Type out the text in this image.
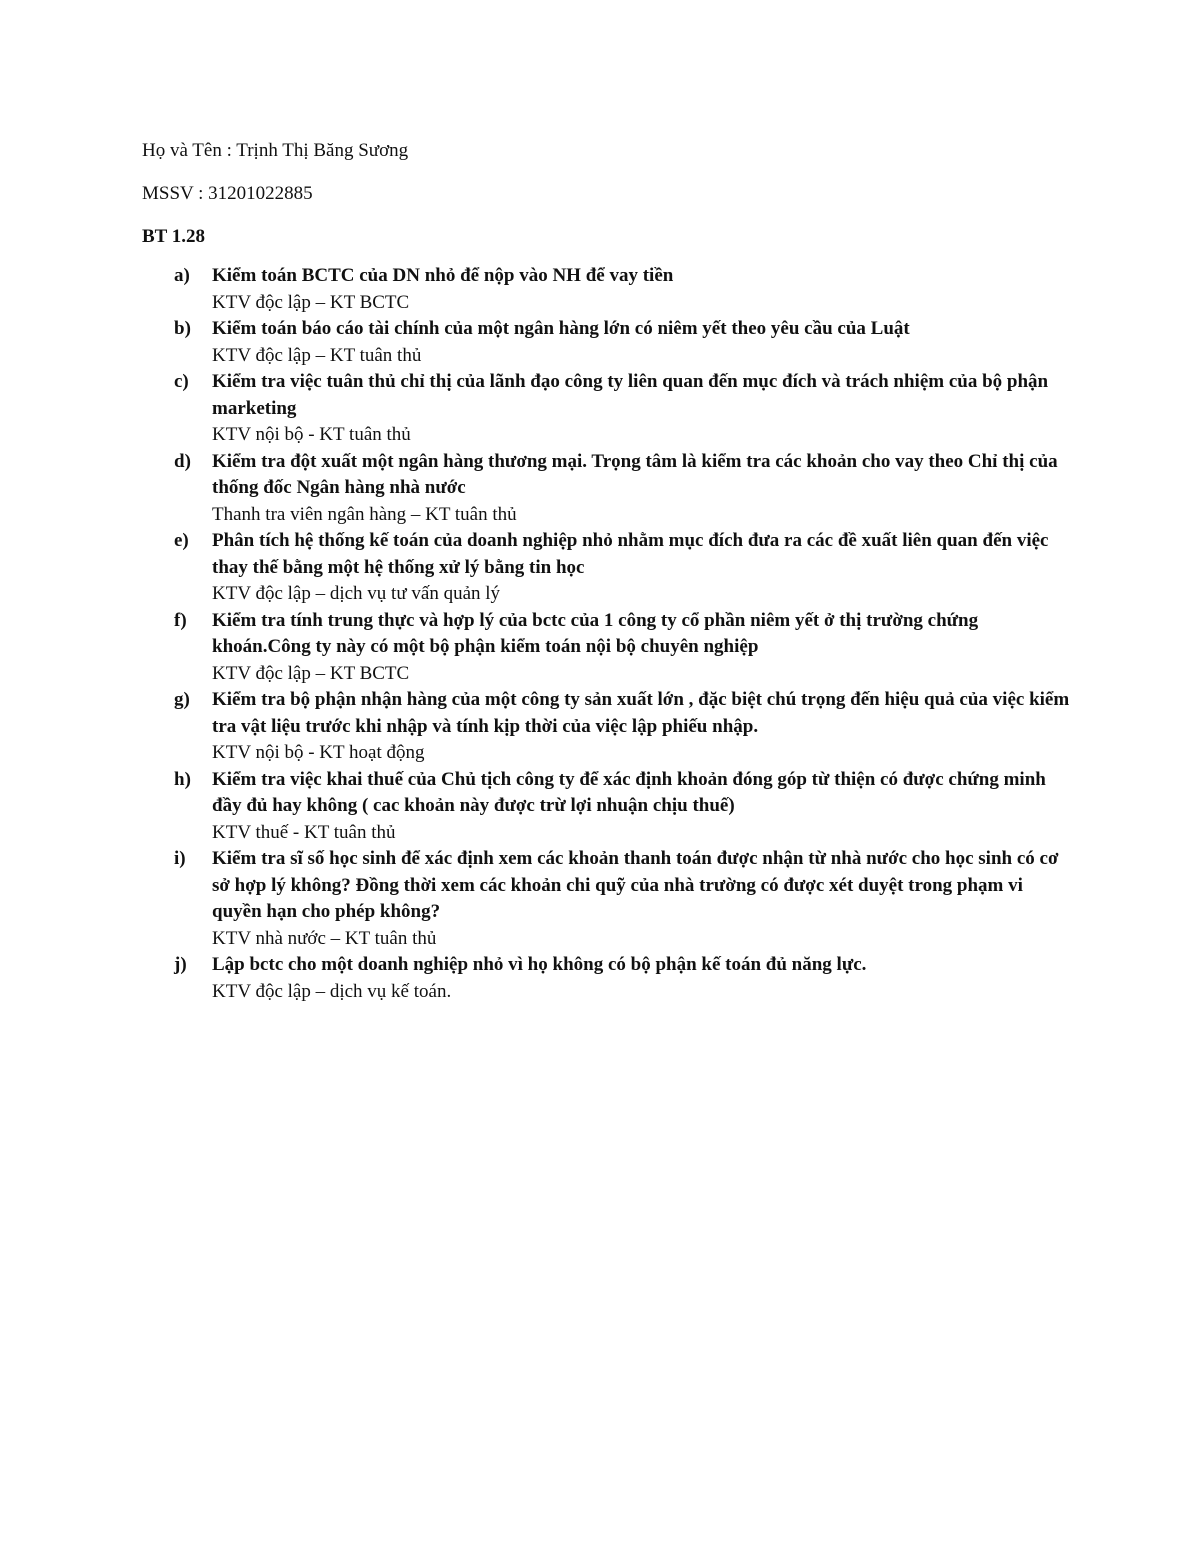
Họ và Tên : Trịnh Thị Băng Sương

MSSV : 31201022885

BT 1.28

a) Kiểm toán BCTC của DN nhỏ để nộp vào NH để vay tiền

KTV độc lập – KT BCTC

b) Kiểm toán báo cáo tài chính của một ngân hàng lớn có niêm yết theo yêu cầu của Luật

KTV độc lập – KT tuân thủ

c) Kiểm tra việc tuân thủ chỉ thị của lãnh đạo công ty liên quan đến mục đích và trách nhiệm của bộ phận marketing

KTV nội bộ - KT tuân thủ

d) Kiểm tra đột xuất một ngân hàng thương mại. Trọng tâm là kiểm tra các khoản cho vay theo Chỉ thị của thống đốc Ngân hàng nhà nước

Thanh tra viên ngân hàng – KT tuân thủ

e) Phân tích hệ thống kế toán của doanh nghiệp nhỏ nhằm mục đích đưa ra các đề xuất liên quan đến việc thay thế bằng một hệ thống xử lý bằng tin học

KTV độc lập – dịch vụ tư vấn quản lý

f) Kiểm tra tính trung thực và hợp lý của bctc của 1 công ty cổ phần niêm yết ở thị trường chứng khoán.Công ty này có một bộ phận kiểm toán nội bộ chuyên nghiệp

KTV độc lập – KT BCTC

g) Kiểm tra bộ phận nhận hàng của một công ty sản xuất lớn , đặc biệt chú trọng đến hiệu quả của việc kiểm tra vật liệu trước khi nhập và tính kịp thời của việc lập phiếu nhập.

KTV nội bộ - KT hoạt động

h) Kiểm tra việc khai thuế của Chủ tịch công ty để xác định khoản đóng góp từ thiện có được chứng minh đầy đủ hay không ( cac khoản này được trừ lợi nhuận chịu thuế)

KTV thuế - KT tuân thủ

i) Kiểm tra sĩ số học sinh để xác định xem các khoản thanh toán được nhận từ nhà nước cho học sinh có cơ sở hợp lý không? Đồng thời xem các khoản chi quỹ của nhà trường có được xét duyệt trong phạm vi quyền hạn cho phép không?

KTV nhà nước – KT tuân thủ

j) Lập bctc cho một doanh nghiệp nhỏ vì họ không có bộ phận kế toán đủ năng lực.

KTV độc lập – dịch vụ kế toán.
